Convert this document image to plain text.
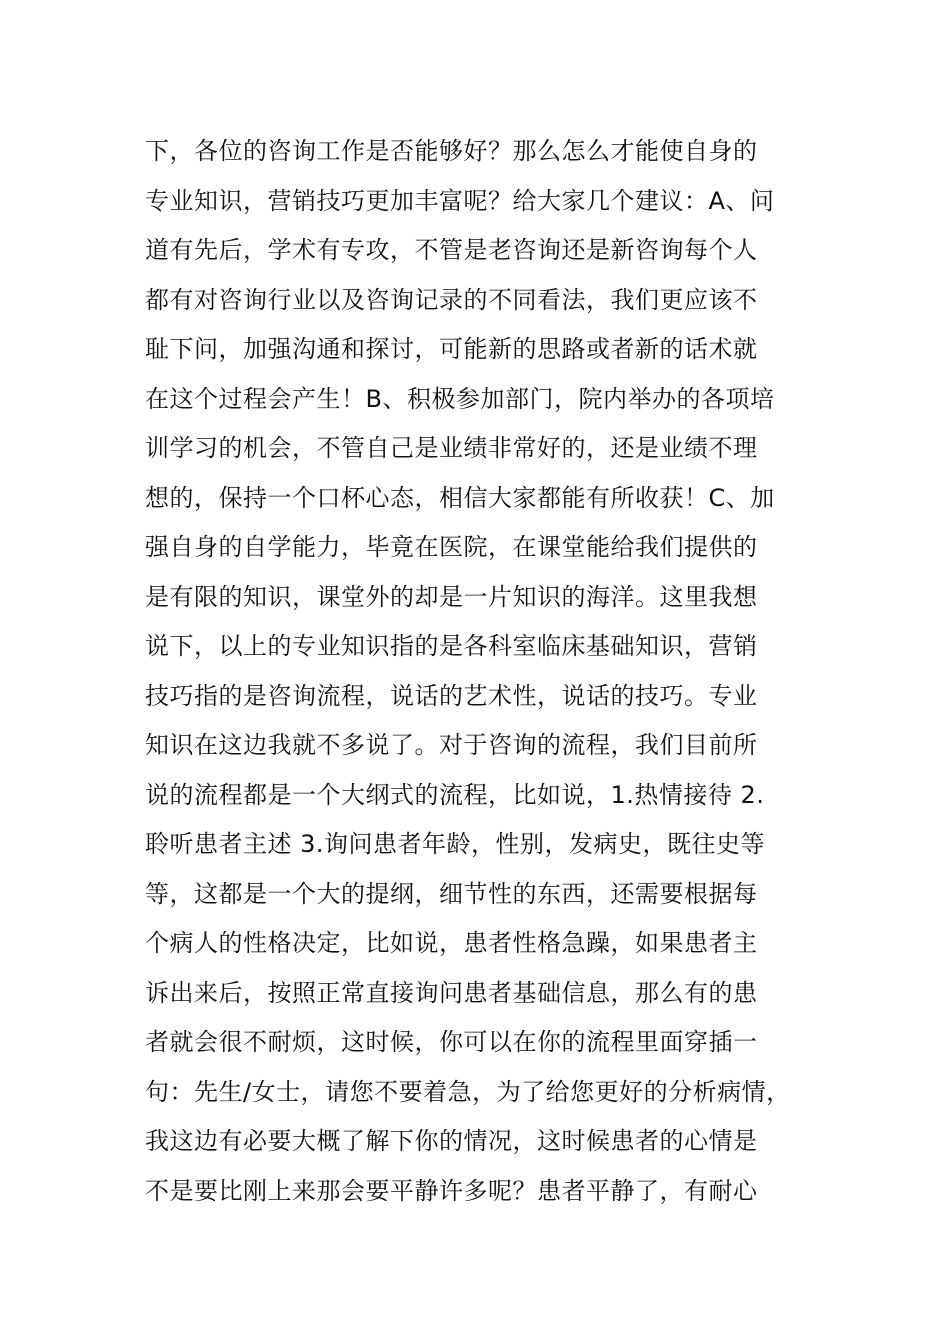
下，各位的咨询工作是否能够好？那么怎么才能使自身的
专业知识，营销技巧更加丰富呢？给大家几个建议：A、问
道有先后，学术有专攻，不管是老咨询还是新咨询每个人
都有对咨询行业以及咨询记录的不同看法，我们更应该不
耻下问，加强沟通和探讨，可能新的思路或者新的话术就
在这个过程会产生！B、积极参加部门，院内举办的各项培
训学习的机会，不管自己是业绩非常好的，还是业绩不理
想的，保持一个口杯心态，相信大家都能有所收获！C、加
强自身的自学能力，毕竟在医院，在课堂能给我们提供的
是有限的知识，课堂外的却是一片知识的海洋。这里我想
说下，以上的专业知识指的是各科室临床基础知识，营销
技巧指的是咨询流程，说话的艺术性，说话的技巧。专业
知识在这边我就不多说了。对于咨询的流程，我们目前所
说的流程都是一个大纲式的流程，比如说，1.热情接待 2.
聆听患者主述 3.询问患者年龄，性别，发病史，既往史等
等，这都是一个大的提纲，细节性的东西，还需要根据每
个病人的性格决定，比如说，患者性格急躁，如果患者主
诉出来后，按照正常直接询问患者基础信息，那么有的患
者就会很不耐烦，这时候，你可以在你的流程里面穿插一
句：先生/女士，请您不要着急，为了给您更好的分析病情，
我这边有必要大概了解下你的情况，这时候患者的心情是
不是要比刚上来那会要平静许多呢？患者平静了，有耐心
